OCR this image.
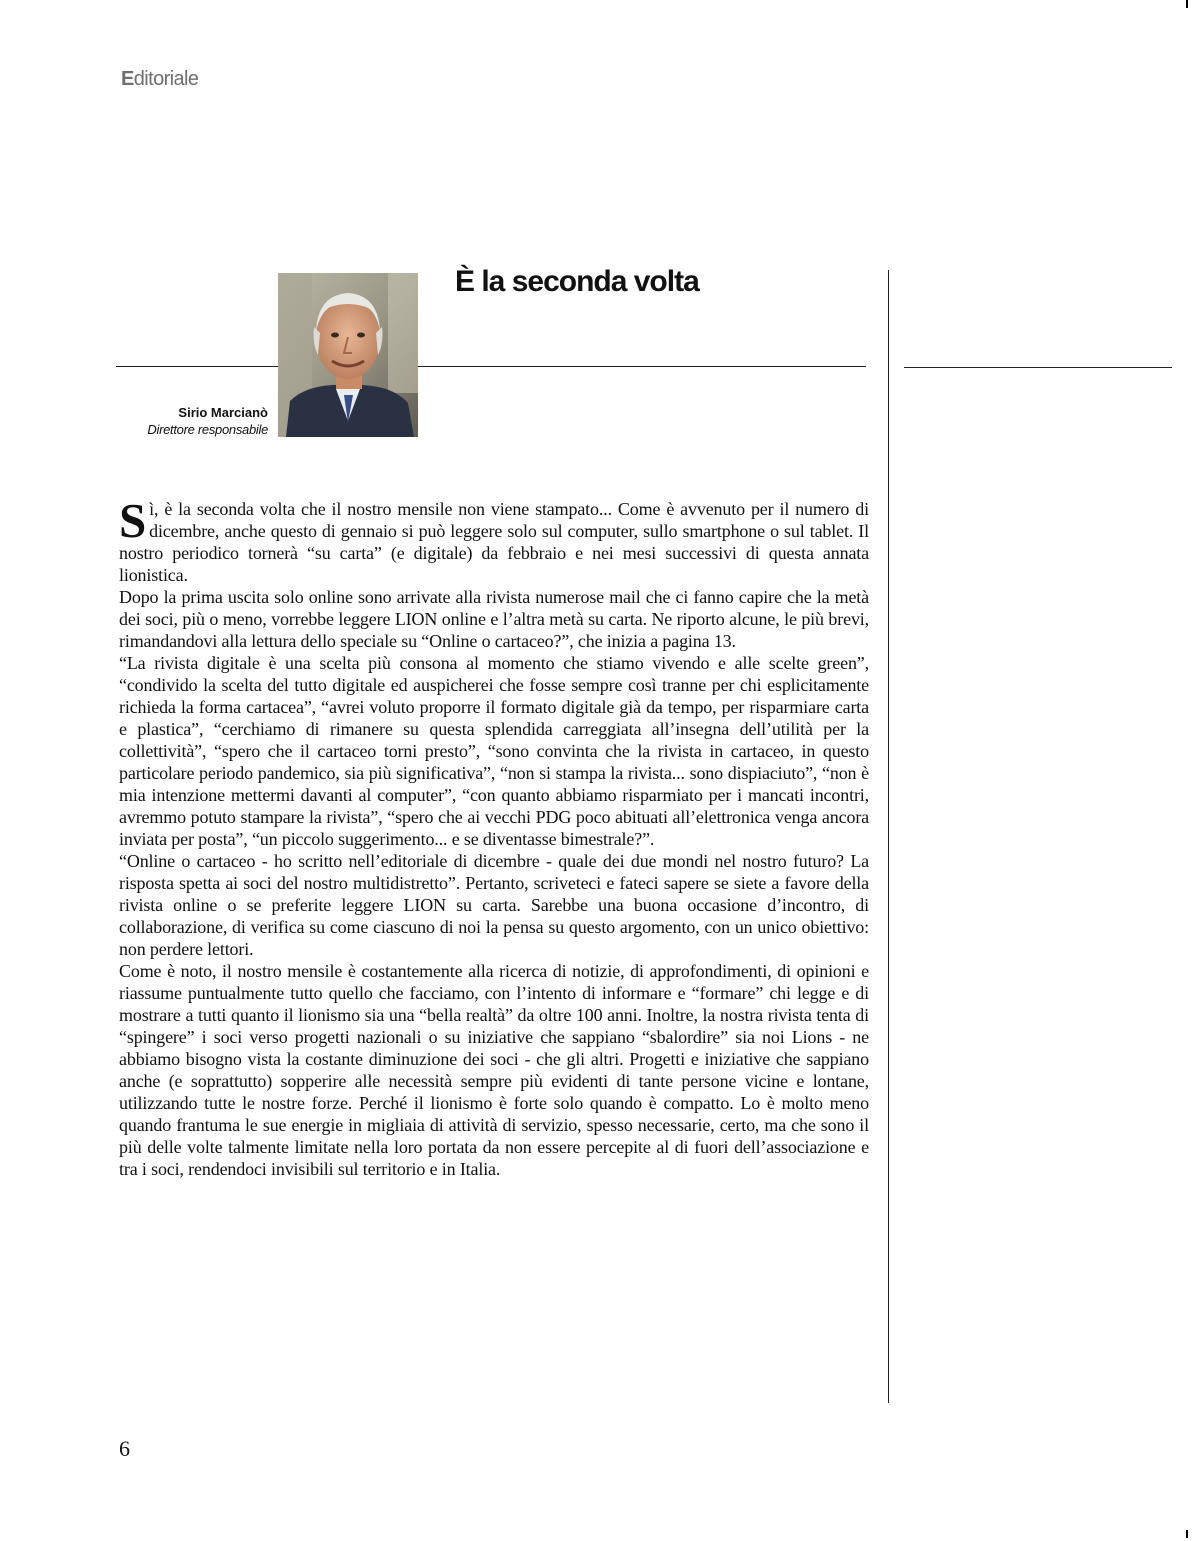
Editoriale
È la seconda volta
Sirio Marcianò
Direttore responsabile

Sì, è la seconda volta che il nostro mensile non viene stampato... Come è avvenuto per il numero di dicembre, anche questo di gennaio si può leggere solo sul computer, sullo smartphone o sul tablet. Il nostro periodico tornerà “su carta” (e digitale) da febbraio e nei mesi successivi di questa annata lionistica.

Dopo la prima uscita solo online sono arrivate alla rivista numerose mail che ci fanno capire che la metà dei soci, più o meno, vorrebbe leggere LION online e l’altra metà su carta. Ne riporto alcune, le più brevi, rimandandovi alla lettura dello speciale su “Online o cartaceo?”, che inizia a pagina 13.

“La rivista digitale è una scelta più consona al momento che stiamo vivendo e alle scelte green”, “condivido la scelta del tutto digitale ed auspicherei che fosse sempre così tranne per chi esplicitamente richieda la forma cartacea”, “avrei voluto proporre il formato digitale già da tempo, per risparmiare carta e plastica”, “cerchiamo di rimanere su questa splendida carreggiata all’insegna dell’utilità per la collettività”, “spero che il cartaceo torni presto”, “sono convinta che la rivista in cartaceo, in questo particolare periodo pandemico, sia più significativa”, “non si stampa la rivista... sono dispiaciuto”, “non è mia intenzione mettermi davanti al computer”, “con quanto abbiamo risparmiato per i mancati incontri, avremmo potuto stampare la rivista”, “spero che ai vecchi PDG poco abituati all’elettronica venga ancora inviata per posta”, “un piccolo suggerimento... e se diventasse bimestrale?”.

“Online o cartaceo - ho scritto nell’editoriale di dicembre - quale dei due mondi nel nostro futuro? La risposta spetta ai soci del nostro multidistretto”. Pertanto, scriveteci e fateci sapere se siete a favore della rivista online o se preferite leggere LION su carta. Sarebbe una buona occasione d’incontro, di collaborazione, di verifica su come ciascuno di noi la pensa su questo argomento, con un unico obiettivo: non perdere lettori.

Come è noto, il nostro mensile è costantemente alla ricerca di notizie, di approfondimenti, di opinioni e riassume puntualmente tutto quello che facciamo, con l’intento di informare e “formare” chi legge e di mostrare a tutti quanto il lionismo sia una “bella realtà” da oltre 100 anni. Inoltre, la nostra rivista tenta di “spingere” i soci verso progetti nazionali o su iniziative che sappiano “sbalordire” sia noi Lions - ne abbiamo bisogno vista la costante diminuzione dei soci - che gli altri. Progetti e iniziative che sappiano anche (e soprattutto) sopperire alle necessità sempre più evidenti di tante persone vicine e lontane, utilizzando tutte le nostre forze. Perché il lionismo è forte solo quando è compatto. Lo è molto meno quando frantuma le sue energie in migliaia di attività di servizio, spesso necessarie, certo, ma che sono il più delle volte talmente limitate nella loro portata da non essere percepite al di fuori dell’associazione e tra i soci, rendendoci invisibili sul territorio e in Italia.

6
